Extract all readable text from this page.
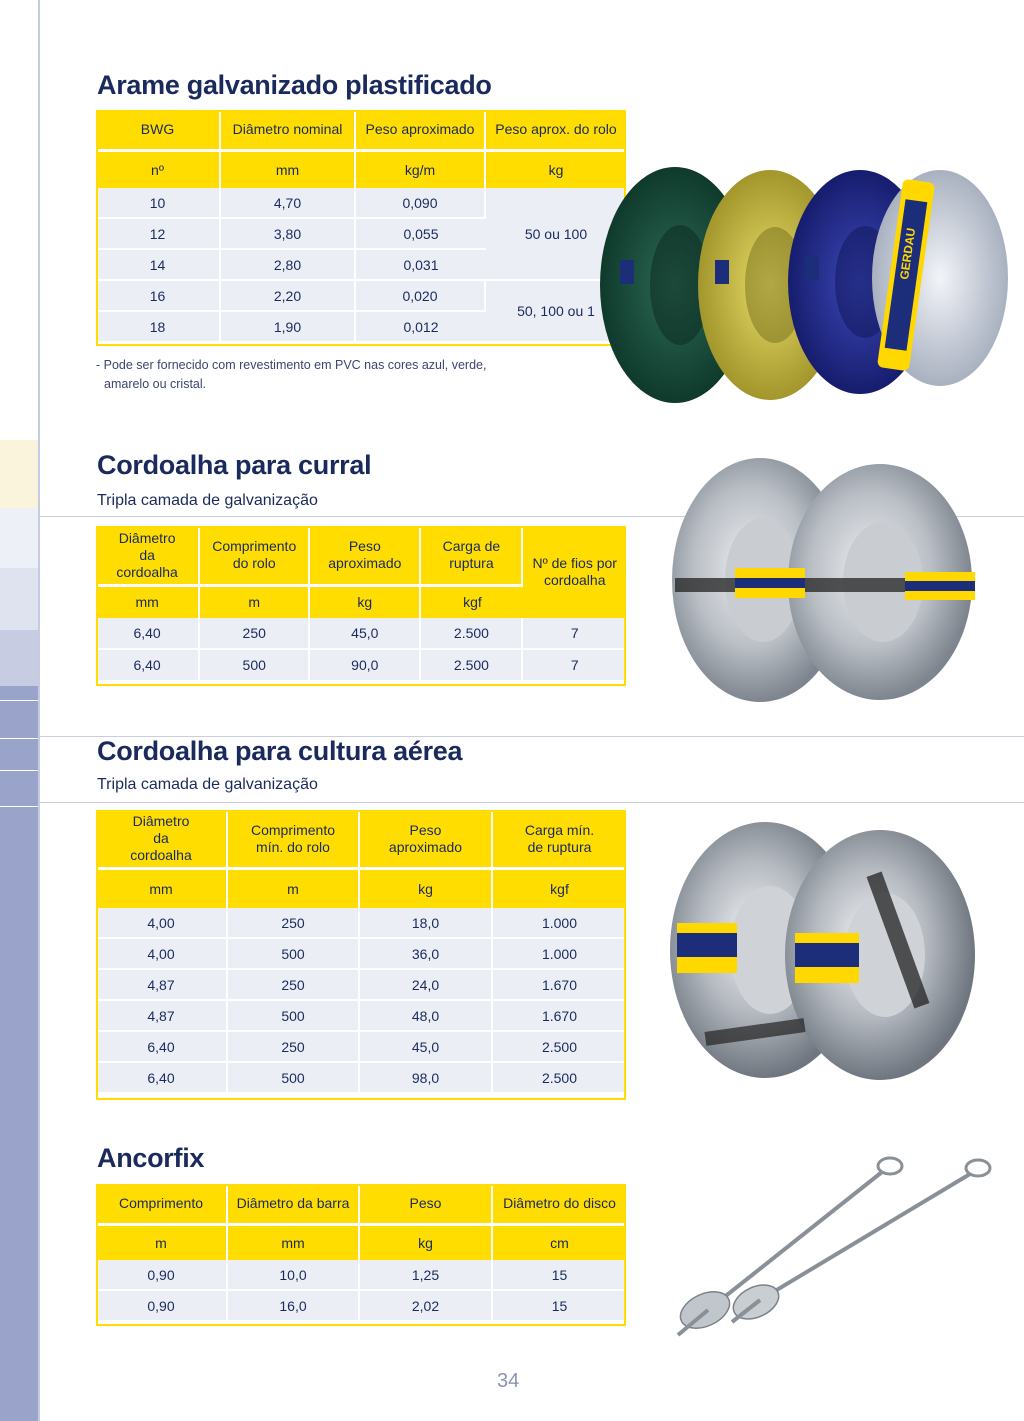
Arame galvanizado plastificado
BWG	Diâmetro nominal	Peso aproximado	Peso aprox. do rolo
nº	mm	kg/m	kg
10	4,70	0,090	50 ou 100
12	3,80	0,055	
14	2,80	0,031	
16	2,20	0,020	50, 100 ou 1
18	1,90	0,012	
- Pode ser fornecido com revestimento em PVC nas cores azul, verde,
amarelo ou cristal.
GERDAU
Cordoalha para curral
Tripla camada de galvanização
Diâmetro da cordoalha	Comprimento do rolo	Peso aproximado	Carga de ruptura	Nº de fios por cordoalha
mm	m	kg	kgf	
6,40	250	45,0	2.500	7
6,40	500	90,0	2.500	7
Cordoalha para cultura aérea
Tripla camada de galvanização
Diâmetro da cordoalha	Comprimento mín. do rolo	Peso aproximado	Carga mín. de ruptura
mm	m	kg	kgf
4,00	250	18,0	1.000
4,00	500	36,0	1.000
4,87	250	24,0	1.670
4,87	500	48,0	1.670
6,40	250	45,0	2.500
6,40	500	98,0	2.500
Ancorfix
Comprimento	Diâmetro da barra	Peso	Diâmetro do disco
m	mm	kg	cm
0,90	10,0	1,25	15
0,90	16,0	2,02	15
34
